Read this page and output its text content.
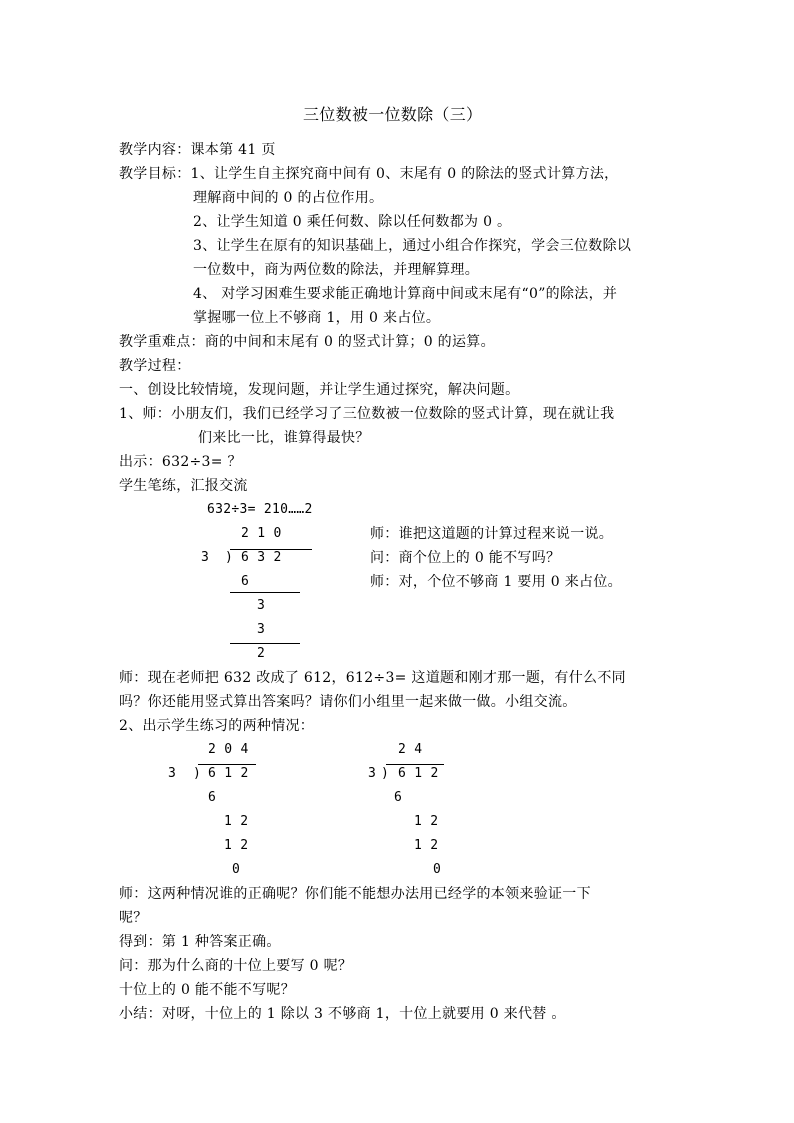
三位数被一位数除（三）
教学内容：课本第 41 页
教学目标：1、让学生自主探究商中间有 0、末尾有 0 的除法的竖式计算方法，
理解商中间的 0 的占位作用。
2、让学生知道 0 乘任何数、除以任何数都为 0 。
3、让学生在原有的知识基础上，通过小组合作探究，学会三位数除以
一位数中，商为两位数的除法，并理解算理。
4、 对学习困难生要求能正确地计算商中间或末尾有“0”的除法，并
掌握哪一位上不够商 1，用 0 来占位。
教学重难点：商的中间和末尾有 0 的竖式计算；0 的运算。
教学过程：
一、创设比较情境，发现问题，并让学生通过探究，解决问题。
1、师：小朋友们，我们已经学习了三位数被一位数除的竖式计算，现在就让我
们来比一比，谁算得最快？
出示：632÷3= ？
学生笔练，汇报交流
632÷3= 210……2
2 1 0
3 ) 6 3 2
6
3
3
2
师：谁把这道题的计算过程来说一说。
问：商个位上的 0 能不写吗？
师：对，个位不够商 1 要用 0 来占位。
师：现在老师把 632 改成了 612，612÷3= 这道题和刚才那一题，有什么不同
吗？你还能用竖式算出答案吗？请你们小组里一起来做一做。小组交流。
2、出示学生练习的两种情况：
2 0 4
3 ) 6 1 2
6
1 2
1 2
0
2 4
3 ) 6 1 2
6
1 2
1 2
0
师：这两种情况谁的正确呢？你们能不能想办法用已经学的本领来验证一下
呢？
得到：第 1 种答案正确。
问：那为什么商的十位上要写 0 呢？
十位上的 0 能不能不写呢？
小结：对呀，十位上的 1 除以 3 不够商 1，十位上就要用 0 来代替 。
